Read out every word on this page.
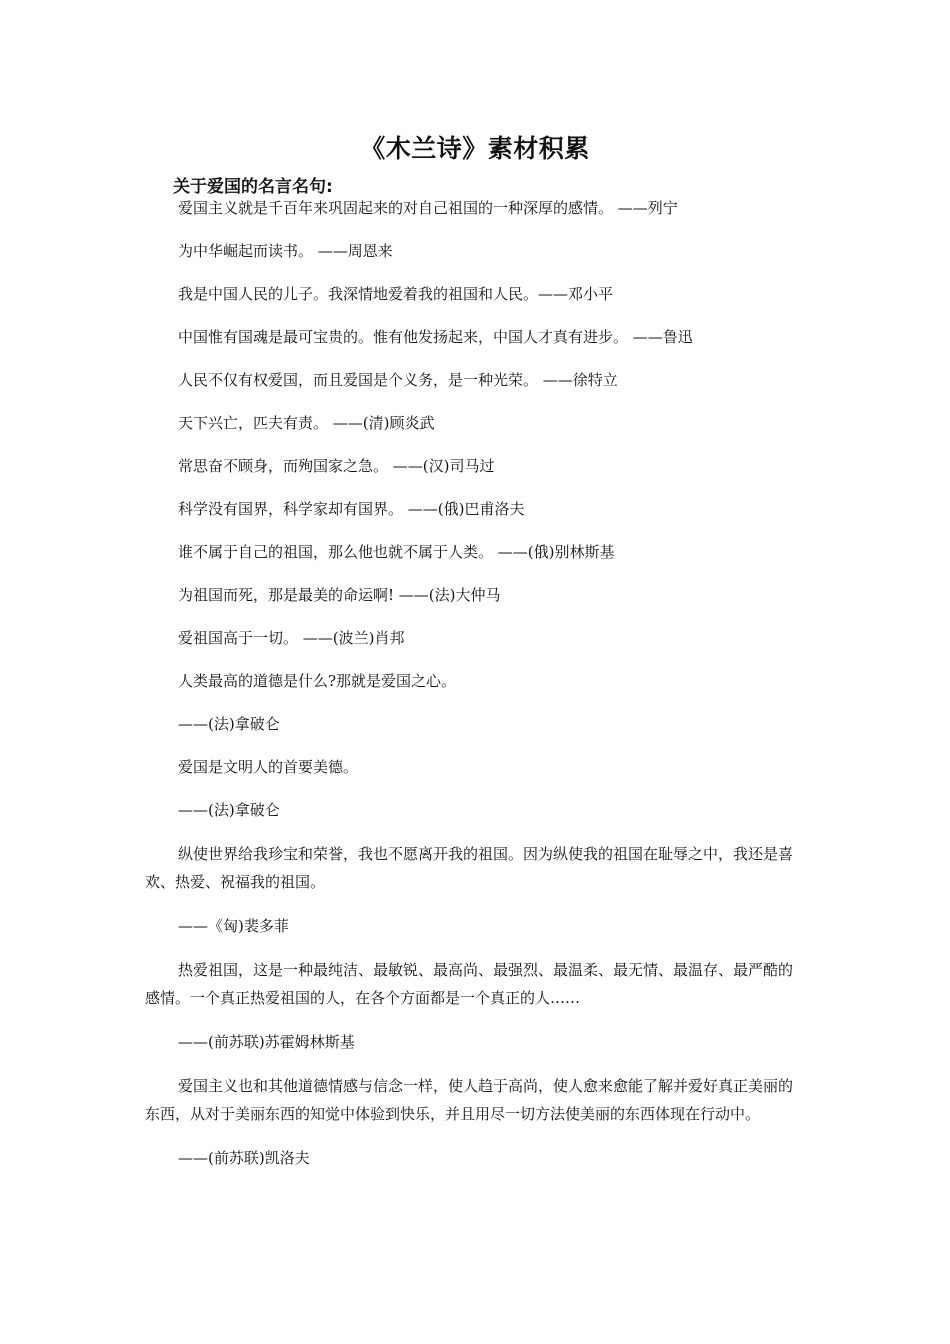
《木兰诗》素材积累
关于爱国的名言名句:

爱国主义就是千百年来巩固起来的对自己祖国的一种深厚的感情。 ——列宁

为中华崛起而读书。 ——周恩来

我是中国人民的儿子。我深情地爱着我的祖国和人民。——邓小平

中国惟有国魂是最可宝贵的。惟有他发扬起来，中国人才真有进步。 ——鲁迅

人民不仅有权爱国，而且爱国是个义务，是一种光荣。 ——徐特立

天下兴亡，匹夫有责。 ——(清)顾炎武

常思奋不顾身，而殉国家之急。 ——(汉)司马过

科学没有国界，科学家却有国界。 ——(俄)巴甫洛夫

谁不属于自己的祖国，那么他也就不属于人类。 ——(俄)别林斯基

为祖国而死，那是最美的命运啊! ——(法)大仲马

爱祖国高于一切。 ——(波兰)肖邦

人类最高的道德是什么?那就是爱国之心。

——(法)拿破仑

爱国是文明人的首要美德。

——(法)拿破仑

纵使世界给我珍宝和荣誉，我也不愿离开我的祖国。因为纵使我的祖国在耻辱之中，我还是喜欢、热爱、祝福我的祖国。

——《匈)裴多菲

热爱祖国，这是一种最纯洁、最敏锐、最高尚、最强烈、最温柔、最无情、最温存、最严酷的感情。一个真正热爱祖国的人，在各个方面都是一个真正的人……

——(前苏联)苏霍姆林斯基

爱国主义也和其他道德情感与信念一样，使人趋于高尚，使人愈来愈能了解并爱好真正美丽的东西，从对于美丽东西的知觉中体验到快乐，并且用尽一切方法使美丽的东西体现在行动中。

——(前苏联)凯洛夫
